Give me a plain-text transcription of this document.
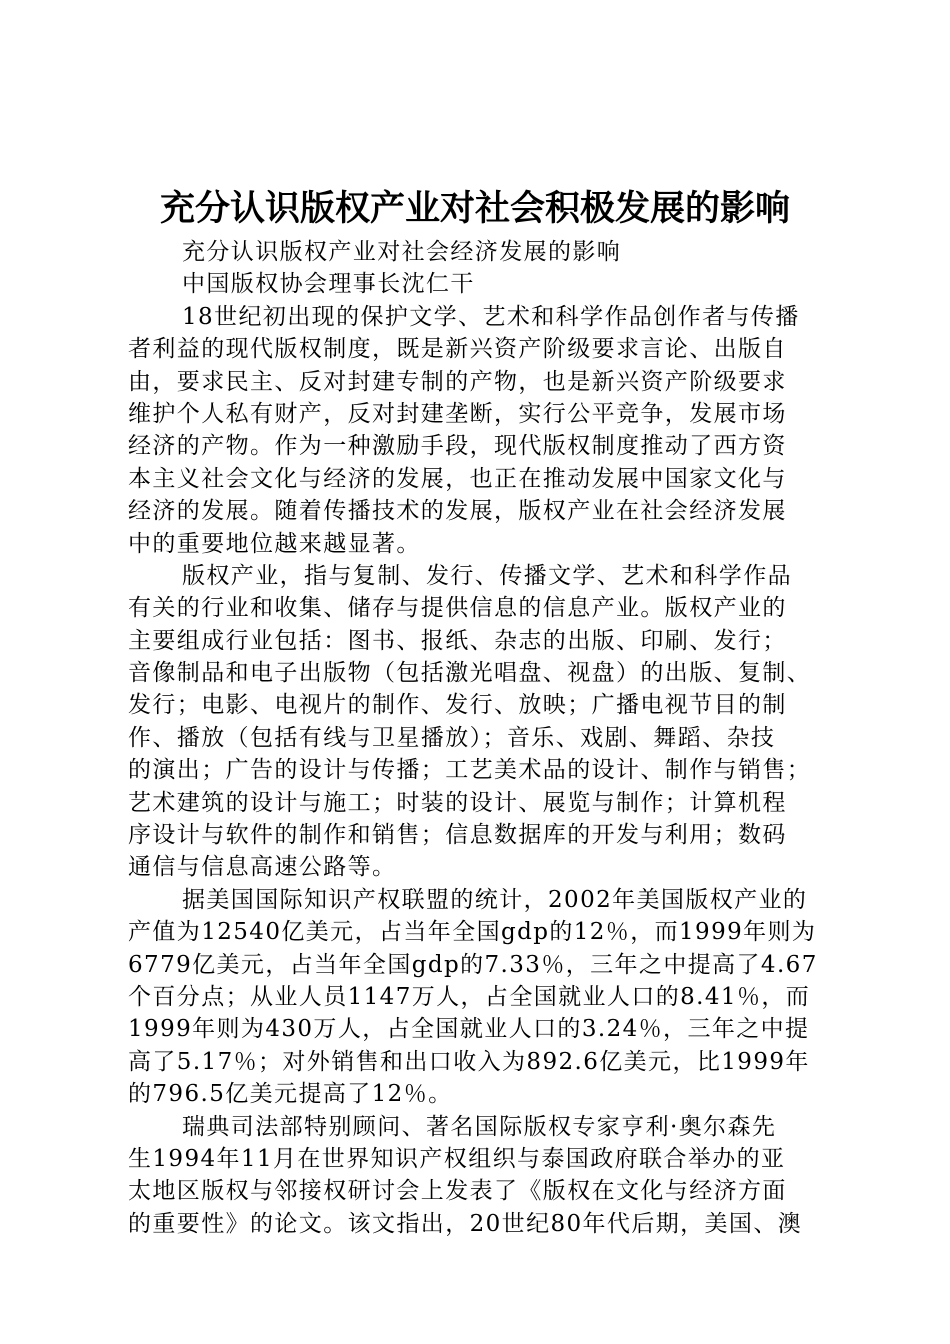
充分认识版权产业对社会积极发展的影响
充分认识版权产业对社会经济发展的影响
中国版权协会理事长沈仁干
18世纪初出现的保护文学、艺术和科学作品创作者与传播
者利益的现代版权制度，既是新兴资产阶级要求言论、出版自
由，要求民主、反对封建专制的产物，也是新兴资产阶级要求
维护个人私有财产，反对封建垄断，实行公平竞争，发展市场
经济的产物。作为一种激励手段，现代版权制度推动了西方资
本主义社会文化与经济的发展，也正在推动发展中国家文化与
经济的发展。随着传播技术的发展，版权产业在社会经济发展
中的重要地位越来越显著。
版权产业，指与复制、发行、传播文学、艺术和科学作品
有关的行业和收集、储存与提供信息的信息产业。版权产业的
主要组成行业包括：图书、报纸、杂志的出版、印刷、发行；
音像制品和电子出版物（包括激光唱盘、视盘）的出版、复制、
发行；电影、电视片的制作、发行、放映；广播电视节目的制
作、播放（包括有线与卫星播放）；音乐、戏剧、舞蹈、杂技
的演出；广告的设计与传播；工艺美术品的设计、制作与销售；
艺术建筑的设计与施工；时装的设计、展览与制作；计算机程
序设计与软件的制作和销售；信息数据库的开发与利用；数码
通信与信息高速公路等。
据美国国际知识产权联盟的统计，2002年美国版权产业的
产值为12540亿美元，占当年全国gdp的12％，而1999年则为
6779亿美元，占当年全国gdp的7.33％，三年之中提高了4.67
个百分点；从业人员1147万人，占全国就业人口的8.41％，而
1999年则为430万人，占全国就业人口的3.24％，三年之中提
高了5.17％；对外销售和出口收入为892.6亿美元，比1999年
的796.5亿美元提高了12％。
瑞典司法部特别顾问、著名国际版权专家亨利·奥尔森先
生1994年11月在世界知识产权组织与泰国政府联合举办的亚
太地区版权与邻接权研讨会上发表了《版权在文化与经济方面
的重要性》的论文。该文指出，20世纪80年代后期，美国、澳
